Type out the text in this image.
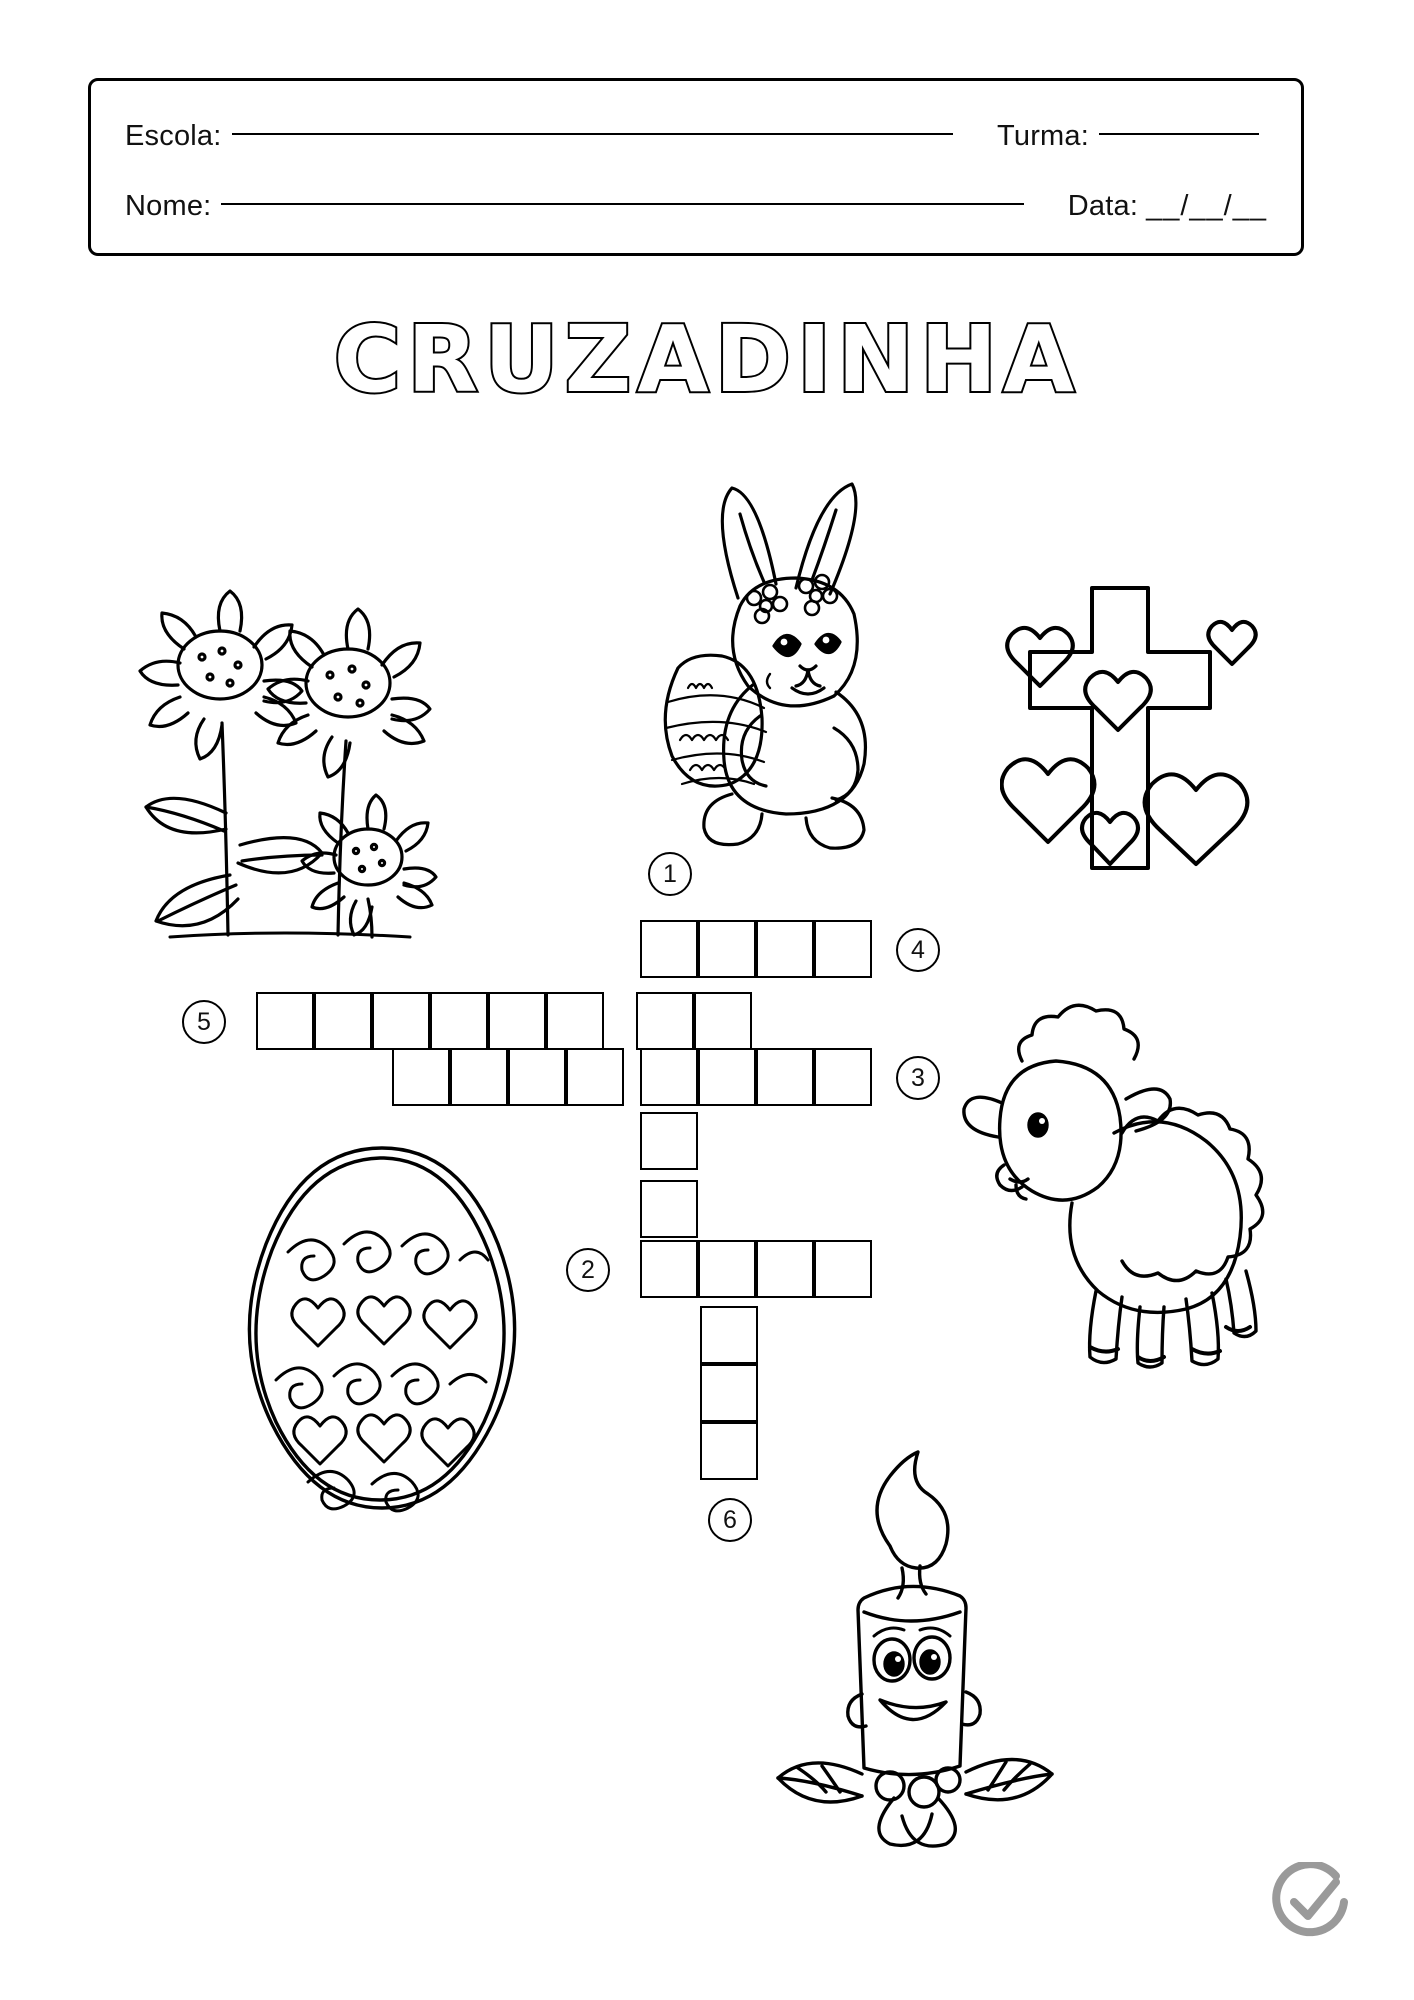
Escola:	Turma:
Nome:	Data: __/__/__
CRUZADINHA
1
4
5
3
2
6
